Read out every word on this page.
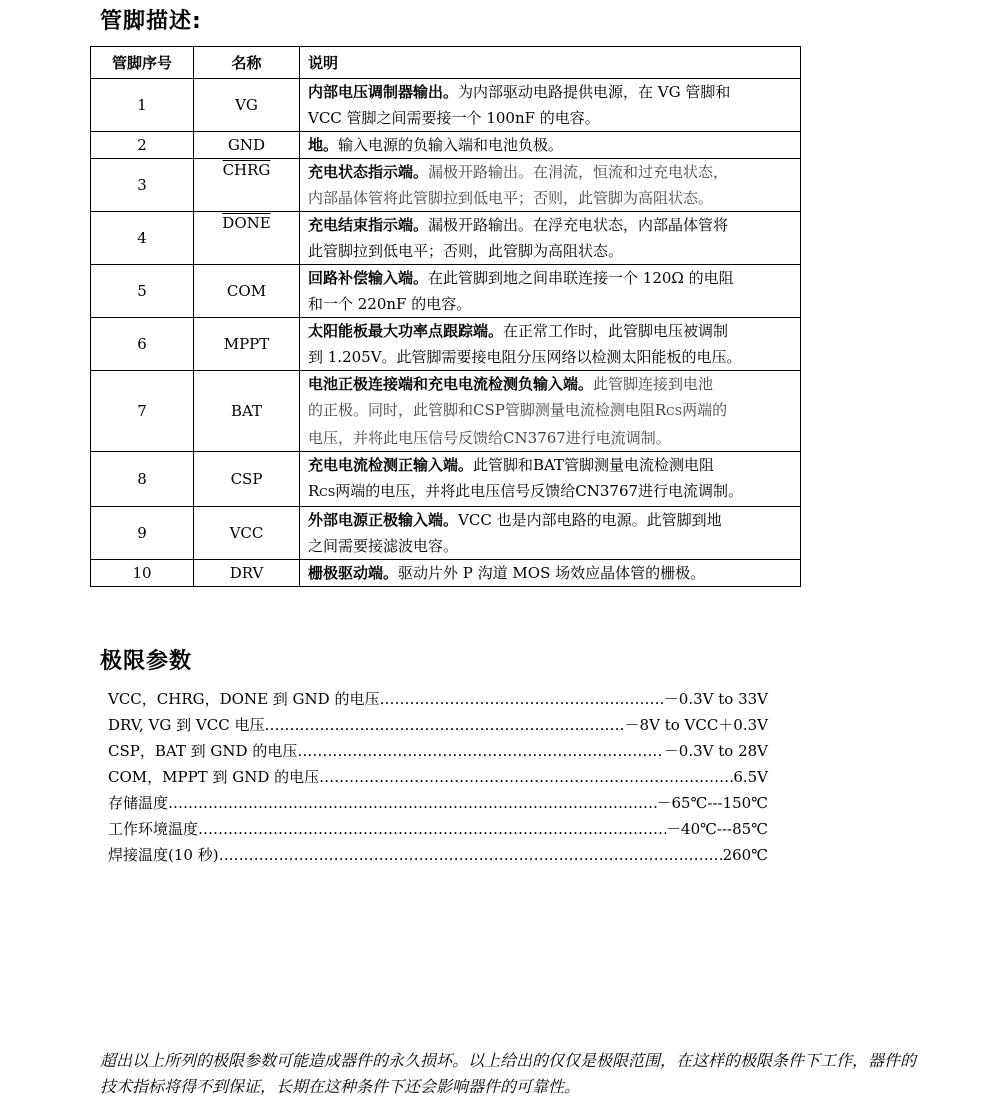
管脚描述:
管脚序号	名称	说明
1	VG	内部电压调制器输出。为内部驱动电路提供电源，在 VG 管脚和
VCC 管脚之间需要接一个 100nF 的电容。
2	GND	地。输入电源的负输入端和电池负极。
3	CHRG	充电状态指示端。漏极开路输出。在涓流，恒流和过充电状态，
内部晶体管将此管脚拉到低电平；否则，此管脚为高阻状态。
4	DONE	充电结束指示端。漏极开路输出。在浮充电状态，内部晶体管将
此管脚拉到低电平；否则，此管脚为高阻状态。
5	COM	回路补偿输入端。在此管脚到地之间串联连接一个 120Ω 的电阻
和一个 220nF 的电容。
6	MPPT	太阳能板最大功率点跟踪端。在正常工作时，此管脚电压被调制
到 1.205V。此管脚需要接电阻分压网络以检测太阳能板的电压。
7	BAT	电池正极连接端和充电电流检测负输入端。此管脚连接到电池
的正极。同时，此管脚和CSP管脚测量电流检测电阻RCS两端的
电压，并将此电压信号反馈给CN3767进行电流调制。
8	CSP	充电电流检测正输入端。此管脚和BAT管脚测量电流检测电阻
RCS两端的电压，并将此电压信号反馈给CN3767进行电流调制。
9	VCC	外部电源正极输入端。VCC 也是内部电路的电源。此管脚到地
之间需要接滤波电容。
10	DRV	栅极驱动端。驱动片外 P 沟道 MOS 场效应晶体管的栅极。
极限参数
VCC，CHRG，DONE 到 GND 的电压 ……………………………………………………………………………………………………………………………………………………………………	－0.3V to 33V
DRV, VG 到 VCC 电压 ……………………………………………………………………………………………………………………………………………………………………	－8V to VCC＋0.3V
CSP，BAT 到 GND 的电压 ……………………………………………………………………………………………………………………………………………………………………	－0.3V to 28V
COM，MPPT 到 GND 的电压 ……………………………………………………………………………………………………………………………………………………………………	6.5V
存储温度 ……………………………………………………………………………………………………………………………………………………………………	－65℃---150℃
工作环境温度 ……………………………………………………………………………………………………………………………………………………………………	－40℃---85℃
焊接温度(10 秒) ……………………………………………………………………………………………………………………………………………………………………	260℃
超出以上所列的极限参数可能造成器件的永久损坏。以上给出的仅仅是极限范围，在这样的极限条件下工作，器件的技术指标将得不到保证，长期在这种条件下还会影响器件的可靠性。
